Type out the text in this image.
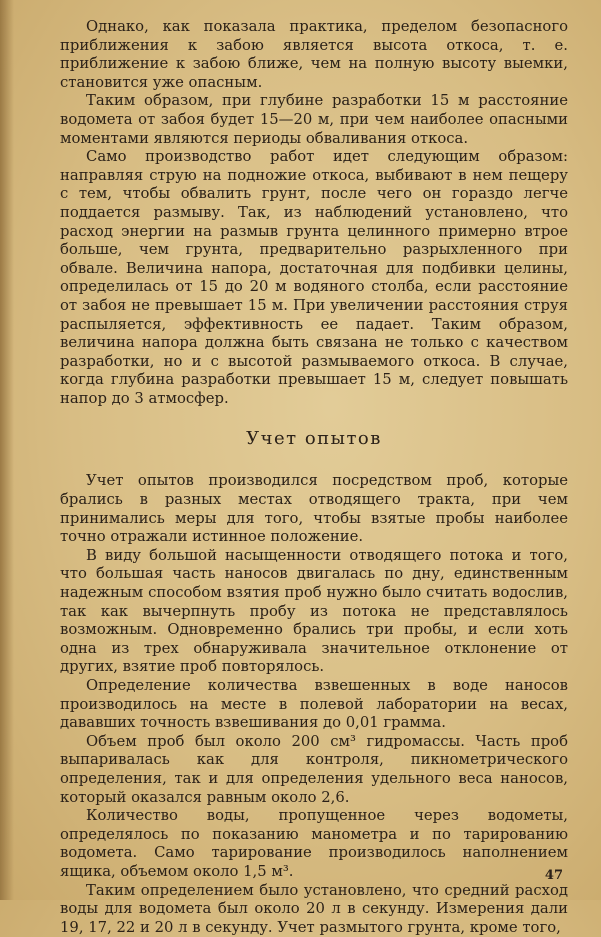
Однако, как показала практика, пределом безопасного приближения к забою является высота откоса, т. е. приближение к забою ближе, чем на полную высоту выемки, становится уже опасным.

Таким образом, при глубине разработки 15 м расстояние водомета от забоя будет 15—20 м, при чем наиболее опасными моментами являются периоды обваливания откоса.

Само производство работ идет следующим образом: направляя струю на подножие откоса, выбивают в нем пещеру с тем, чтобы обвалить грунт, после чего он гораздо легче поддается размыву. Так, из наблюдений установлено, что расход энергии на размыв грунта целинного примерно втрое больше, чем грунта, предварительно разрыхленного при обвале. Величина напора, достаточная для подбивки целины, определилась от 15 до 20 м водяного столба, если расстояние от забоя не превышает 15 м. При увеличении расстояния струя распыляется, эффективность ее падает. Таким образом, величина напора должна быть связана не только с качеством разработки, но и с высотой размываемого откоса. В случае, когда глубина разработки превышает 15 м, следует повышать напор до 3 атмосфер.

Учет опытов

Учет опытов производился посредством проб, которые брались в разных местах отводящего тракта, при чем принимались меры для того, чтобы взятые пробы наиболее точно отражали истинное положение.

В виду большой насыщенности отводящего потока и того, что большая часть наносов двигалась по дну, единственным надежным способом взятия проб нужно было считать водослив, так как вычерпнуть пробу из потока не представлялось возможным. Одновременно брались три пробы, и если хоть одна из трех обнаруживала значительное отклонение от других, взятие проб повторялось.

Определение количества взвешенных в воде наносов производилось на месте в полевой лаборатории на весах, дававших точность взвешивания до 0,01 грамма.

Объем проб был около 200 см³ гидромассы. Часть проб выпаривалась как для контроля, пикнометрического определения, так и для определения удельного веса наносов, который оказался равным около 2,6.

Количество воды, пропущенное через водометы, определялось по показанию манометра и по тарированию водомета. Само тарирование производилось наполнением ящика, объемом около 1,5 м³.

Таким определением было установлено, что средний расход воды для водомета был около 20 л в секунду. Измерения дали 19, 17, 22 и 20 л в секунду. Учет размытого грунта, кроме того,

47
